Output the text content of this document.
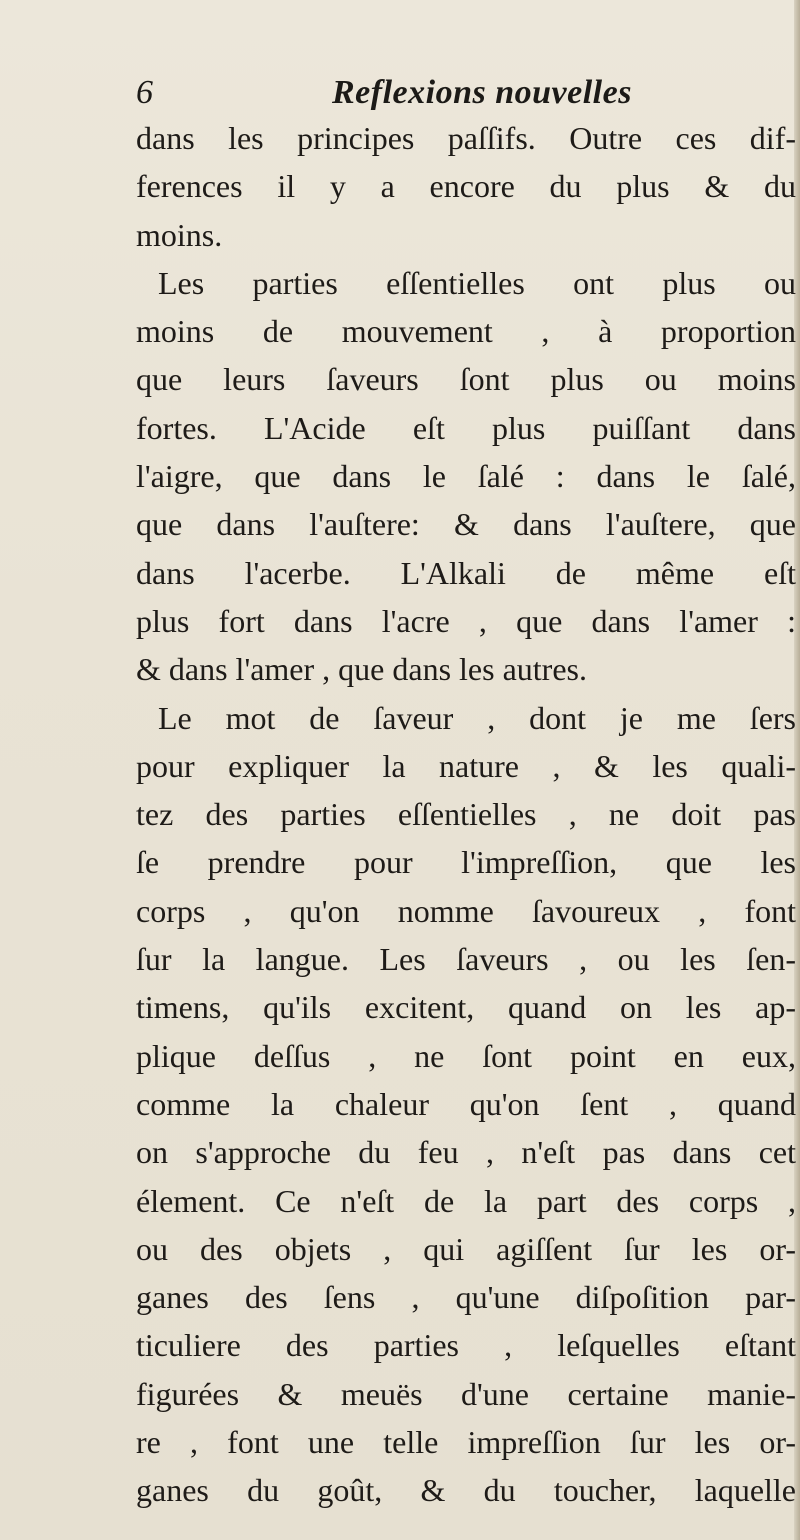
6	Reflexions nouvelles
dans les principes paſſifs. Outre ces dif-
ferences il y a encore du plus & du
moins.
Les parties eſſentielles ont plus ou
moins de mouvement , à proportion
que leurs ſaveurs ſont plus ou moins
fortes. L'Acide eſt plus puiſſant dans
l'aigre, que dans le ſalé : dans le ſalé,
que dans l'auſtere: & dans l'auſtere, que
dans l'acerbe. L'Alkali de même eſt
plus fort dans l'acre , que dans l'amer :
& dans l'amer , que dans les autres.
Le mot de ſaveur , dont je me ſers
pour expliquer la nature , & les quali-
tez des parties eſſentielles , ne doit pas
ſe prendre pour l'impreſſion, que les
corps , qu'on nomme ſavoureux , font
ſur la langue. Les ſaveurs , ou les ſen-
timens, qu'ils excitent, quand on les ap-
plique deſſus , ne ſont point en eux,
comme la chaleur qu'on ſent , quand
on s'approche du feu , n'eſt pas dans cet
élement. Ce n'eſt de la part des corps ,
ou des objets , qui agiſſent ſur les or-
ganes des ſens , qu'une diſpoſition par-
ticuliere des parties , leſquelles eſtant
figurées & meuës d'une certaine manie-
re , font une telle impreſſion ſur les or-
ganes du goût, & du toucher, laquelle
